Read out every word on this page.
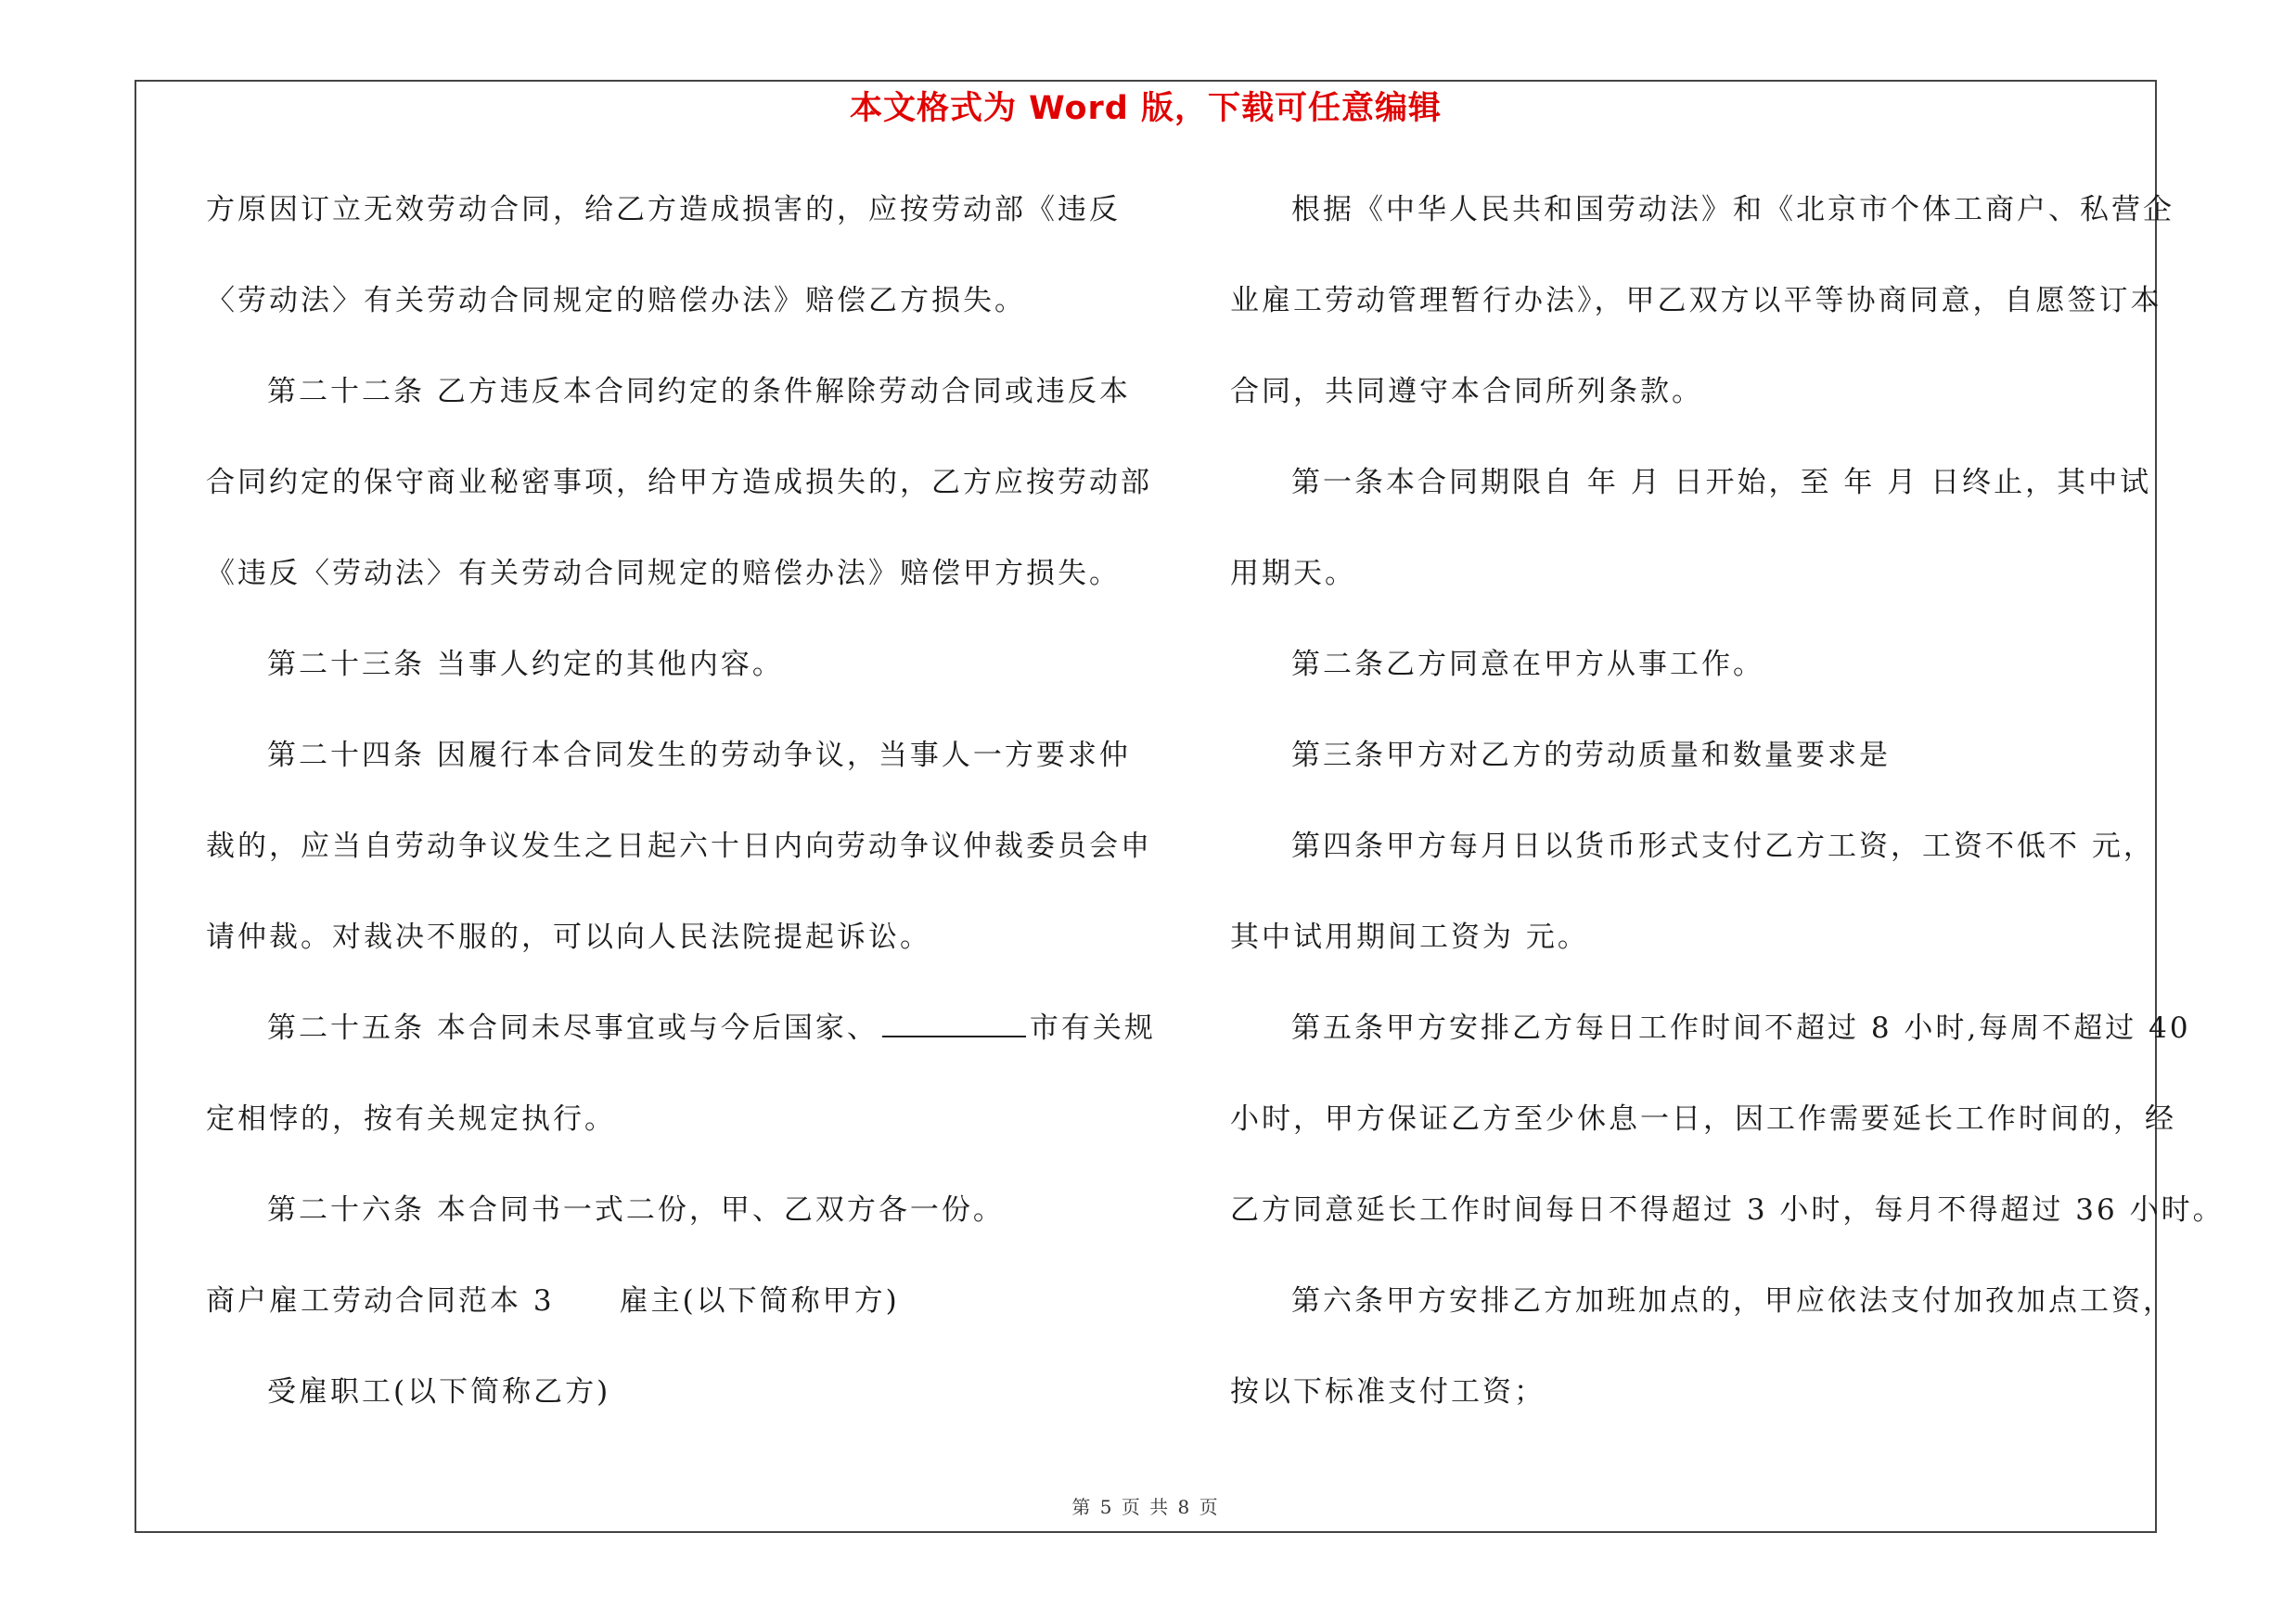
本文格式为 Word 版，下载可任意编辑
方原因订立无效劳动合同，给乙方造成损害的，应按劳动部《违反
〈劳动法〉有关劳动合同规定的赔偿办法》赔偿乙方损失。
第二十二条 乙方违反本合同约定的条件解除劳动合同或违反本
合同约定的保守商业秘密事项，给甲方造成损失的，乙方应按劳动部
《违反〈劳动法〉有关劳动合同规定的赔偿办法》赔偿甲方损失。
第二十三条 当事人约定的其他内容。
第二十四条 因履行本合同发生的劳动争议，当事人一方要求仲
裁的，应当自劳动争议发生之日起六十日内向劳动争议仲裁委员会申
请仲裁。对裁决不服的，可以向人民法院提起诉讼。
第二十五条 本合同未尽事宜或与今后国家、	市有关规
定相悖的，按有关规定执行。
第二十六条 本合同书一式二份，甲、乙双方各一份。
商户雇工劳动合同范本 3 雇主(以下简称甲方)
受雇职工(以下简称乙方)
根据《中华人民共和国劳动法》和《北京市个体工商户、私营企
业雇工劳动管理暂行办法》，甲乙双方以平等协商同意，自愿签订本
合同，共同遵守本合同所列条款。
第一条本合同期限自 年 月 日开始，至 年 月 日终止，其中试
用期天。
第二条乙方同意在甲方从事工作。
第三条甲方对乙方的劳动质量和数量要求是
第四条甲方每月日以货币形式支付乙方工资，工资不低不 元，
其中试用期间工资为 元。
第五条甲方安排乙方每日工作时间不超过 8 小时,每周不超过 40
小时，甲方保证乙方至少休息一日，因工作需要延长工作时间的，经
乙方同意延长工作时间每日不得超过 3 小时，每月不得超过 36 小时。
第六条甲方安排乙方加班加点的，甲应依法支付加孜加点工资，
按以下标准支付工资；
第 5 页 共 8 页
